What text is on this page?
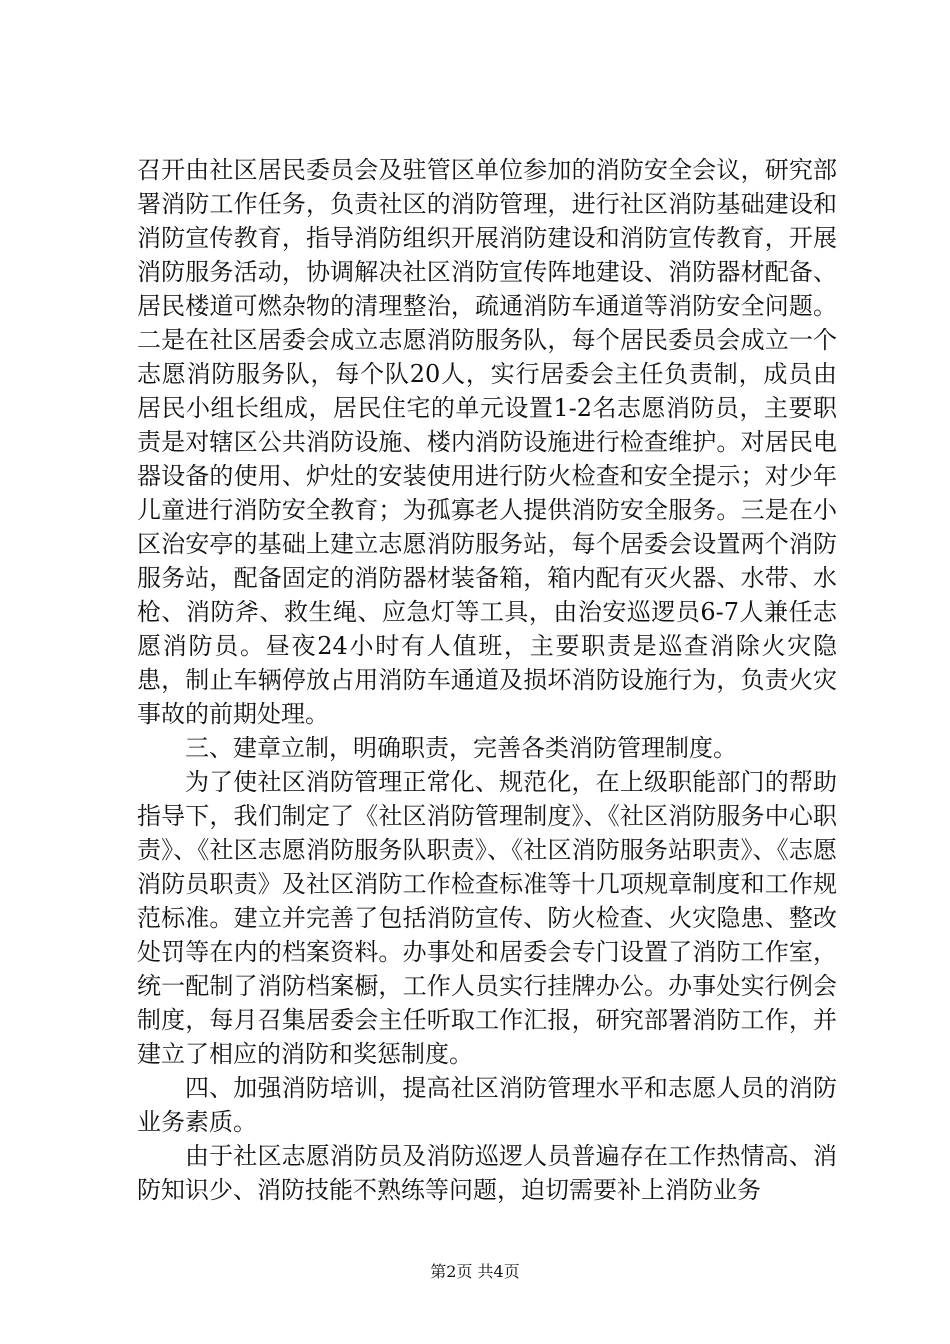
召开由社区居民委员会及驻管区单位参加的消防安全会议，研究部署消防工作任务，负责社区的消防管理，进行社区消防基础建设和消防宣传教育，指导消防组织开展消防建设和消防宣传教育，开展消防服务活动，协调解决社区消防宣传阵地建设、消防器材配备、居民楼道可燃杂物的清理整治，疏通消防车通道等消防安全问题。二是在社区居委会成立志愿消防服务队，每个居民委员会成立一个志愿消防服务队，每个队20人，实行居委会主任负责制，成员由居民小组长组成，居民住宅的单元设置1-2名志愿消防员，主要职责是对辖区公共消防设施、楼内消防设施进行检查维护。对居民电器设备的使用、炉灶的安装使用进行防火检查和安全提示；对少年儿童进行消防安全教育；为孤寡老人提供消防安全服务。三是在小区治安亭的基础上建立志愿消防服务站，每个居委会设置两个消防服务站，配备固定的消防器材装备箱，箱内配有灭火器、水带、水枪、消防斧、救生绳、应急灯等工具，由治安巡逻员6-7人兼任志愿消防员。昼夜24小时有人值班，主要职责是巡查消除火灾隐患，制止车辆停放占用消防车通道及损坏消防设施行为，负责火灾事故的前期处理。

三、建章立制，明确职责，完善各类消防管理制度。

为了使社区消防管理正常化、规范化，在上级职能部门的帮助指导下，我们制定了《社区消防管理制度》、《社区消防服务中心职责》、《社区志愿消防服务队职责》、《社区消防服务站职责》、《志愿消防员职责》及社区消防工作检查标准等十几项规章制度和工作规范标准。建立并完善了包括消防宣传、防火检查、火灾隐患、整改处罚等在内的档案资料。办事处和居委会专门设置了消防工作室，统一配制了消防档案橱，工作人员实行挂牌办公。办事处实行例会制度，每月召集居委会主任听取工作汇报，研究部署消防工作，并建立了相应的消防和奖惩制度。

四、加强消防培训，提高社区消防管理水平和志愿人员的消防业务素质。

由于社区志愿消防员及消防巡逻人员普遍存在工作热情高、消防知识少、消防技能不熟练等问题，迫切需要补上消防业务

第2页 共4页
